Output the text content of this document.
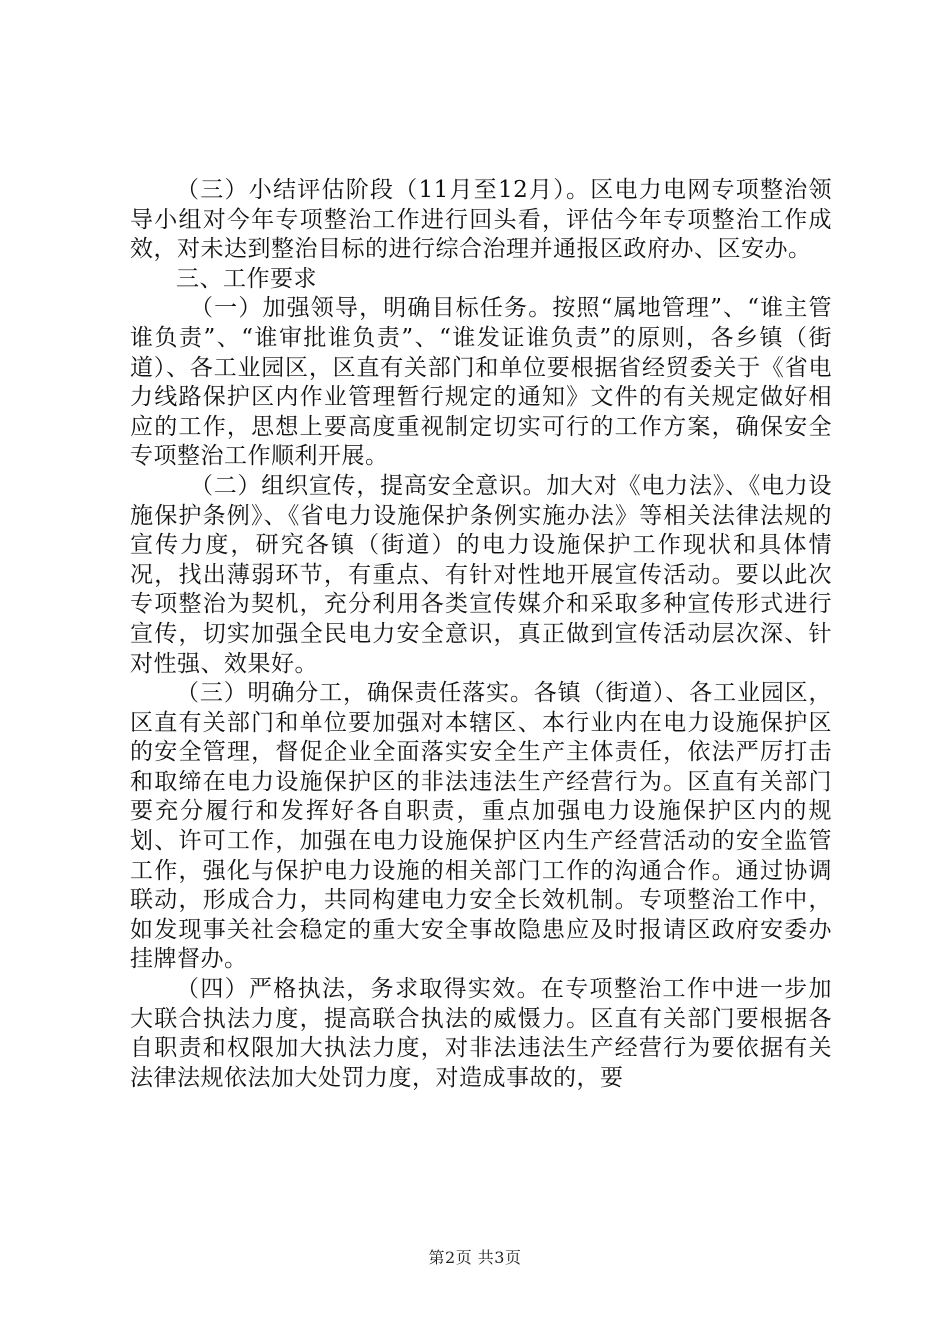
（三）小结评估阶段（11月至12月）。区电力电网专项整治领导小组对今年专项整治工作进行回头看，评估今年专项整治工作成效，对未达到整治目标的进行综合治理并通报区政府办、区安办。

三、工作要求

（一）加强领导，明确目标任务。按照“属地管理”、“谁主管谁负责”、“谁审批谁负责”、“谁发证谁负责”的原则，各乡镇（街道）、各工业园区，区直有关部门和单位要根据省经贸委关于《省电力线路保护区内作业管理暂行规定的通知》文件的有关规定做好相应的工作，思想上要高度重视制定切实可行的工作方案，确保安全专项整治工作顺利开展。

（二）组织宣传，提高安全意识。加大对《电力法》、《电力设施保护条例》、《省电力设施保护条例实施办法》等相关法律法规的宣传力度，研究各镇（街道）的电力设施保护工作现状和具体情况，找出薄弱环节，有重点、有针对性地开展宣传活动。要以此次专项整治为契机，充分利用各类宣传媒介和采取多种宣传形式进行宣传，切实加强全民电力安全意识，真正做到宣传活动层次深、针对性强、效果好。

（三）明确分工，确保责任落实。各镇（街道）、各工业园区，区直有关部门和单位要加强对本辖区、本行业内在电力设施保护区的安全管理，督促企业全面落实安全生产主体责任，依法严厉打击和取缔在电力设施保护区的非法违法生产经营行为。区直有关部门要充分履行和发挥好各自职责，重点加强电力设施保护区内的规划、许可工作，加强在电力设施保护区内生产经营活动的安全监管工作，强化与保护电力设施的相关部门工作的沟通合作。通过协调联动，形成合力，共同构建电力安全长效机制。专项整治工作中，如发现事关社会稳定的重大安全事故隐患应及时报请区政府安委办挂牌督办。

（四）严格执法，务求取得实效。在专项整治工作中进一步加大联合执法力度，提高联合执法的威慑力。区直有关部门要根据各自职责和权限加大执法力度，对非法违法生产经营行为要依据有关法律法规依法加大处罚力度，对造成事故的，要

第2页 共3页
